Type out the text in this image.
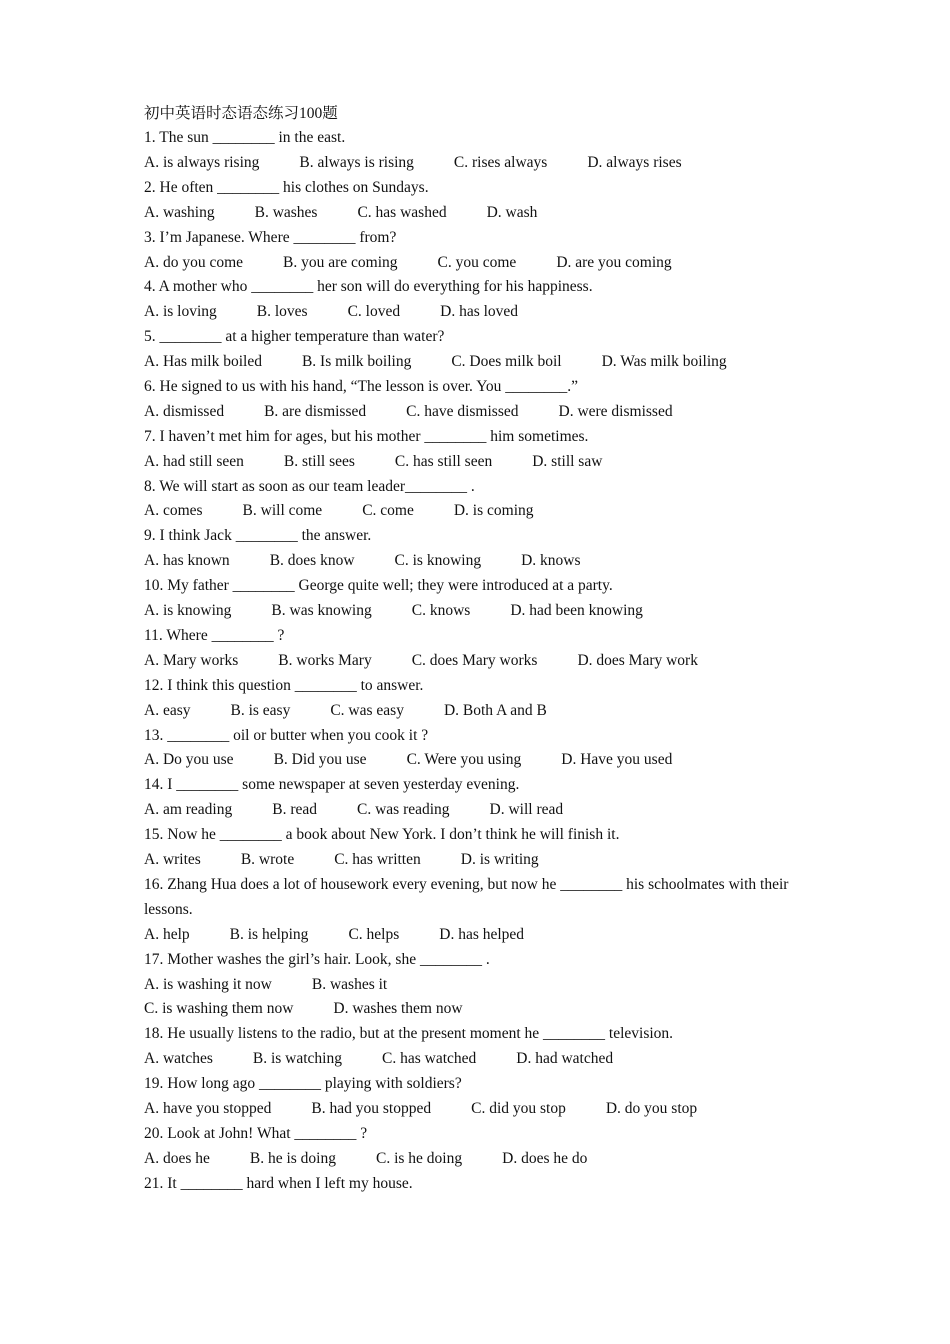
初中英语时态语态练习100题
1. The sun ________ in the east.
A. is always rising	B. always is rising	C. rises always	D. always rises
2. He often ________ his clothes on Sundays.
A. washing	B. washes	C. has washed	D. wash
3. I’m Japanese. Where ________ from?
A. do you come	B. you are coming	C. you come	D. are you coming
4. A mother who ________ her son will do everything for his happiness.
A. is loving	B. loves	C. loved	D. has loved
5. ________ at a higher temperature than water?
A. Has milk boiled	B. Is milk boiling	C. Does milk boil	D. Was milk boiling
6. He signed to us with his hand, “The lesson is over. You ________.”
A. dismissed	B. are dismissed	C. have dismissed	D. were dismissed
7. I haven’t met him for ages, but his mother ________ him sometimes.
A. had still seen	B. still sees	C. has still seen	D. still saw
8. We will start as soon as our team leader________ .
A. comes	B. will come	C. come	D. is coming
9. I think Jack ________ the answer.
A. has known	B. does know	C. is knowing	D. knows
10. My father ________ George quite well; they were introduced at a party.
A. is knowing	B. was knowing	C. knows	D. had been knowing
11. Where ________ ?
A. Mary works	B. works Mary	C. does Mary works	D. does Mary work
12. I think this question ________ to answer.
A. easy	B. is easy	C. was easy	D. Both A and B
13. ________ oil or butter when you cook it ?
A. Do you use	B. Did you use	C. Were you using	D. Have you used
14. I ________ some newspaper at seven yesterday evening.
A. am reading	B. read	C. was reading	D. will read
15. Now he ________ a book about New York. I don’t think he will finish it.
A. writes	B. wrote	C. has written	D. is writing
16. Zhang Hua does a lot of housework every evening, but now he ________ his schoolmates with their lessons.
A. help	B. is helping	C. helps	D. has helped
17. Mother washes the girl’s hair. Look, she ________ .
A. is washing it now	B. washes it
C. is washing them now	D. washes them now
18. He usually listens to the radio, but at the present moment he ________ television.
A. watches	B. is watching	C. has watched	D. had watched
19. How long ago ________ playing with soldiers?
A. have you stopped	B. had you stopped	C. did you stop	D. do you stop
20. Look at John! What ________ ?
A. does he	B. he is doing	C. is he doing	D. does he do
21. It ________ hard when I left my house.
